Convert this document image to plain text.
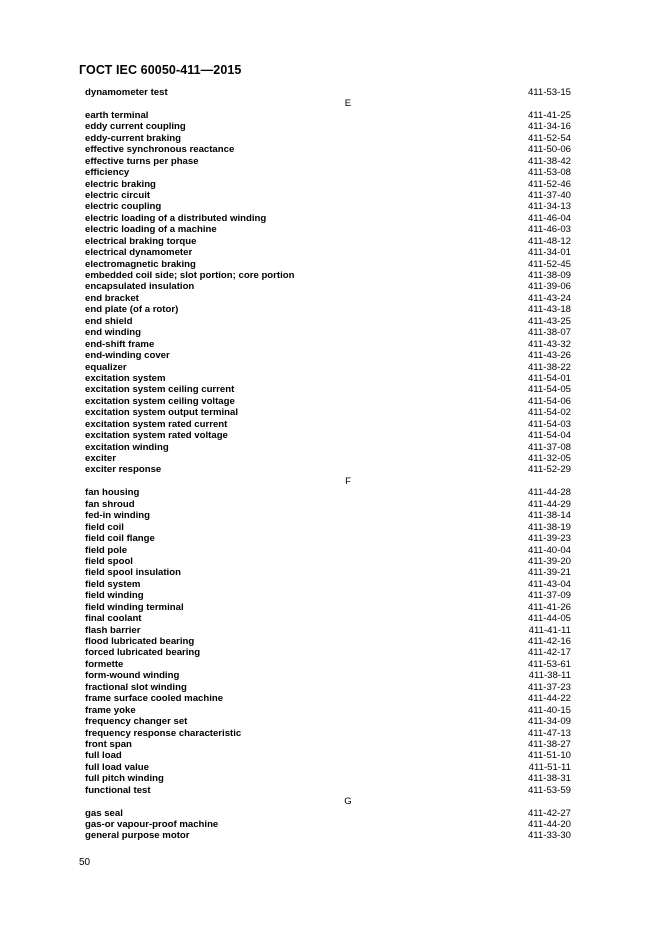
ГОСТ IEC 60050-411—2015
dynamometer test	411-53-15
E
earth terminal	411-41-25
eddy current coupling	411-34-16
eddy-current braking	411-52-54
effective synchronous reactance	411-50-06
effective turns per phase	411-38-42
efficiency	411-53-08
electric braking	411-52-46
electric circuit	411-37-40
electric coupling	411-34-13
electric loading of a distributed winding	411-46-04
electric loading of a machine	411-46-03
electrical braking torque	411-48-12
electrical dynamometer	411-34-01
electromagnetic braking	411-52-45
embedded coil side; slot portion; core portion	411-38-09
encapsulated insulation	411-39-06
end bracket	411-43-24
end plate (of a rotor)	411-43-18
end shield	411-43-25
end winding	411-38-07
end-shift frame	411-43-32
end-winding cover	411-43-26
equalizer	411-38-22
excitation system	411-54-01
excitation system ceiling current	411-54-05
excitation system ceiling voltage	411-54-06
excitation system output terminal	411-54-02
excitation system rated current	411-54-03
excitation system rated voltage	411-54-04
excitation winding	411-37-08
exciter	411-32-05
exciter response	411-52-29
F
fan housing	411-44-28
fan shroud	411-44-29
fed-in winding	411-38-14
field coil	411-38-19
field coil flange	411-39-23
field pole	411-40-04
field spool	411-39-20
field spool insulation	411-39-21
field system	411-43-04
field winding	411-37-09
field winding terminal	411-41-26
final coolant	411-44-05
flash barrier	411-41-11
flood lubricated bearing	411-42-16
forced lubricated bearing	411-42-17
formette	411-53-61
form-wound winding	411-38-11
fractional slot winding	411-37-23
frame surface cooled machine	411-44-22
frame yoke	411-40-15
frequency changer set	411-34-09
frequency response characteristic	411-47-13
front span	411-38-27
full load	411-51-10
full load value	411-51-11
full pitch winding	411-38-31
functional test	411-53-59
G
gas seal	411-42-27
gas-or vapour-proof machine	411-44-20
general purpose motor	411-33-30
50
